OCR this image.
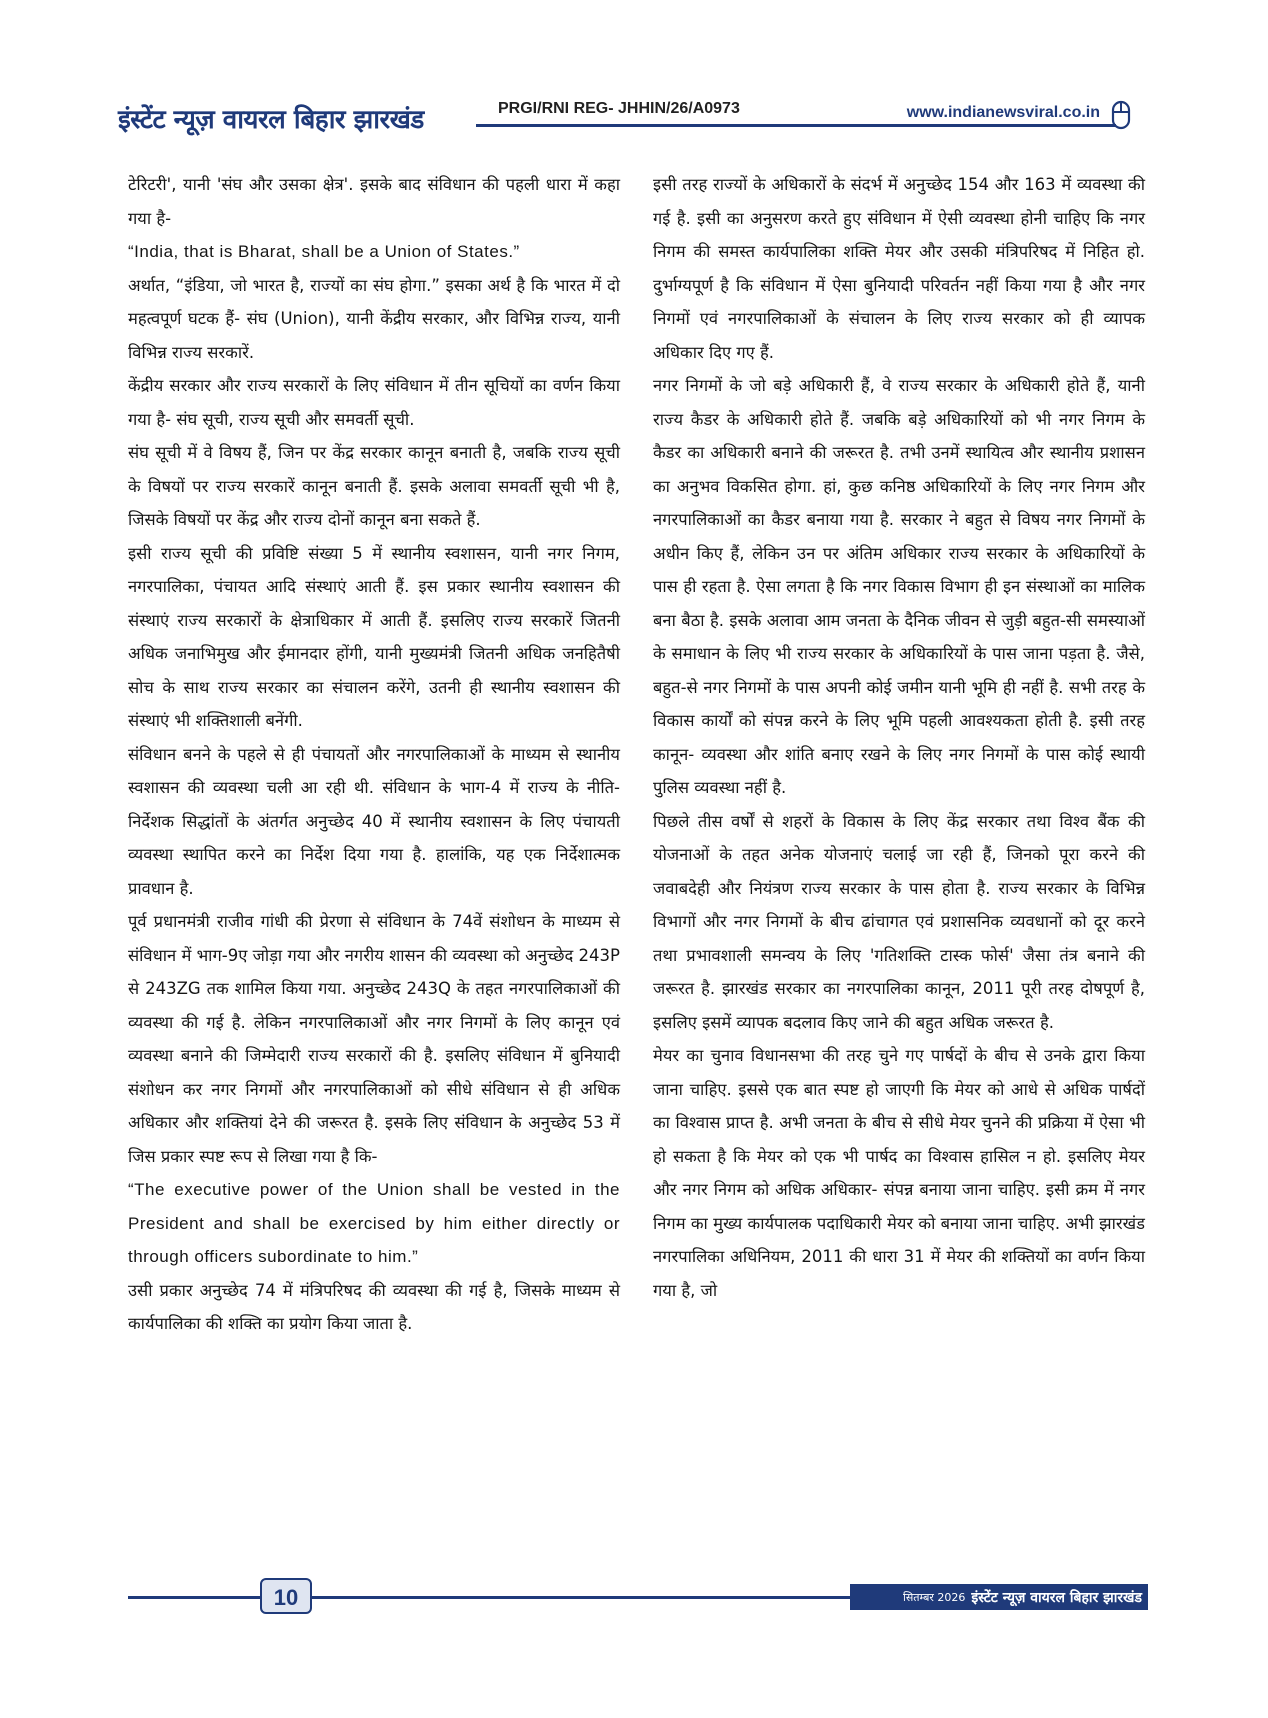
इंस्टेंट न्यूज़ वायरल बिहार झारखंड	PRGI/RNI REG- JHHIN/26/A0973	www.indianewsviral.co.in

टेरिटरी', यानी 'संघ और उसका क्षेत्र'. इसके बाद संविधान की पहली धारा में कहा गया है-

“India, that is Bharat, shall be a Union of States.”

अर्थात, “इंडिया, जो भारत है, राज्यों का संघ होगा.” इसका अर्थ है कि भारत में दो महत्वपूर्ण घटक हैं- संघ (Union), यानी केंद्रीय सरकार, और विभिन्न राज्य, यानी विभिन्न राज्य सरकारें.

केंद्रीय सरकार और राज्य सरकारों के लिए संविधान में तीन सूचियों का वर्णन किया गया है- संघ सूची, राज्य सूची और समवर्ती सूची.

संघ सूची में वे विषय हैं, जिन पर केंद्र सरकार कानून बनाती है, जबकि राज्य सूची के विषयों पर राज्य सरकारें कानून बनाती हैं. इसके अलावा समवर्ती सूची भी है, जिसके विषयों पर केंद्र और राज्य दोनों कानून बना सकते हैं.

इसी राज्य सूची की प्रविष्टि संख्या 5 में स्थानीय स्वशासन, यानी नगर निगम, नगरपालिका, पंचायत आदि संस्थाएं आती हैं. इस प्रकार स्थानीय स्वशासन की संस्थाएं राज्य सरकारों के क्षेत्राधिकार में आती हैं. इसलिए राज्य सरकारें जितनी अधिक जनाभिमुख और ईमानदार होंगी, यानी मुख्यमंत्री जितनी अधिक जनहितैषी सोच के साथ राज्य सरकार का संचालन करेंगे, उतनी ही स्थानीय स्वशासन की संस्थाएं भी शक्तिशाली बनेंगी.

संविधान बनने के पहले से ही पंचायतों और नगरपालिकाओं के माध्यम से स्थानीय स्वशासन की व्यवस्था चली आ रही थी. संविधान के भाग-4 में राज्य के नीति-निर्देशक सिद्धांतों के अंतर्गत अनुच्छेद 40 में स्थानीय स्वशासन के लिए पंचायती व्यवस्था स्थापित करने का निर्देश दिया गया है. हालांकि, यह एक निर्देशात्मक प्रावधान है.

पूर्व प्रधानमंत्री राजीव गांधी की प्रेरणा से संविधान के 74वें संशोधन के माध्यम से संविधान में भाग-9ए जोड़ा गया और नगरीय शासन की व्यवस्था को अनुच्छेद 243P से 243ZG तक शामिल किया गया. अनुच्छेद 243Q के तहत नगरपालिकाओं की व्यवस्था की गई है. लेकिन नगरपालिकाओं और नगर निगमों के लिए कानून एवं व्यवस्था बनाने की जिम्मेदारी राज्य सरकारों की है. इसलिए संविधान में बुनियादी संशोधन कर नगर निगमों और नगरपालिकाओं को सीधे संविधान से ही अधिक अधिकार और शक्तियां देने की जरूरत है. इसके लिए संविधान के अनुच्छेद 53 में जिस प्रकार स्पष्ट रूप से लिखा गया है कि-

“The executive power of the Union shall be vested in the President and shall be exercised by him either directly or through officers subordinate to him.”

उसी प्रकार अनुच्छेद 74 में मंत्रिपरिषद की व्यवस्था की गई है, जिसके माध्यम से कार्यपालिका की शक्ति का प्रयोग किया जाता है.

इसी तरह राज्यों के अधिकारों के संदर्भ में अनुच्छेद 154 और 163 में व्यवस्था की गई है. इसी का अनुसरण करते हुए संविधान में ऐसी व्यवस्था होनी चाहिए कि नगर निगम की समस्त कार्यपालिका शक्ति मेयर और उसकी मंत्रिपरिषद में निहित हो. दुर्भाग्यपूर्ण है कि संविधान में ऐसा बुनियादी परिवर्तन नहीं किया गया है और नगर निगमों एवं नगरपालिकाओं के संचालन के लिए राज्य सरकार को ही व्यापक अधिकार दिए गए हैं.

नगर निगमों के जो बड़े अधिकारी हैं, वे राज्य सरकार के अधिकारी होते हैं, यानी राज्य कैडर के अधिकारी होते हैं. जबकि बड़े अधिकारियों को भी नगर निगम के कैडर का अधिकारी बनाने की जरूरत है. तभी उनमें स्थायित्व और स्थानीय प्रशासन का अनुभव विकसित होगा. हां, कुछ कनिष्ठ अधिकारियों के लिए नगर निगम और नगरपालिकाओं का कैडर बनाया गया है. सरकार ने बहुत से विषय नगर निगमों के अधीन किए हैं, लेकिन उन पर अंतिम अधिकार राज्य सरकार के अधिकारियों के पास ही रहता है. ऐसा लगता है कि नगर विकास विभाग ही इन संस्थाओं का मालिक बना बैठा है. इसके अलावा आम जनता के दैनिक जीवन से जुड़ी बहुत-सी समस्याओं के समाधान के लिए भी राज्य सरकार के अधिकारियों के पास जाना पड़ता है. जैसे, बहुत-से नगर निगमों के पास अपनी कोई जमीन यानी भूमि ही नहीं है. सभी तरह के विकास कार्यों को संपन्न करने के लिए भूमि पहली आवश्यकता होती है. इसी तरह कानून- व्यवस्था और शांति बनाए रखने के लिए नगर निगमों के पास कोई स्थायी पुलिस व्यवस्था नहीं है.

पिछले तीस वर्षों से शहरों के विकास के लिए केंद्र सरकार तथा विश्व बैंक की योजनाओं के तहत अनेक योजनाएं चलाई जा रही हैं, जिनको पूरा करने की जवाबदेही और नियंत्रण राज्य सरकार के पास होता है. राज्य सरकार के विभिन्न विभागों और नगर निगमों के बीच ढांचागत एवं प्रशासनिक व्यवधानों को दूर करने तथा प्रभावशाली समन्वय के लिए 'गतिशक्ति टास्क फोर्स' जैसा तंत्र बनाने की जरूरत है. झारखंड सरकार का नगरपालिका कानून, 2011 पूरी तरह दोषपूर्ण है, इसलिए इसमें व्यापक बदलाव किए जाने की बहुत अधिक जरूरत है.

मेयर का चुनाव विधानसभा की तरह चुने गए पार्षदों के बीच से उनके द्वारा किया जाना चाहिए. इससे एक बात स्पष्ट हो जाएगी कि मेयर को आधे से अधिक पार्षदों का विश्वास प्राप्त है. अभी जनता के बीच से सीधे मेयर चुनने की प्रक्रिया में ऐसा भी हो सकता है कि मेयर को एक भी पार्षद का विश्वास हासिल न हो. इसलिए मेयर और नगर निगम को अधिक अधिकार- संपन्न बनाया जाना चाहिए. इसी क्रम में नगर निगम का मुख्य कार्यपालक पदाधिकारी मेयर को बनाया जाना चाहिए. अभी झारखंड नगरपालिका अधिनियम, 2011 की धारा 31 में मेयर की शक्तियों का वर्णन किया गया है, जो

10	सितम्बर 2026 इंस्टेंट न्यूज़ वायरल बिहार झारखंड
